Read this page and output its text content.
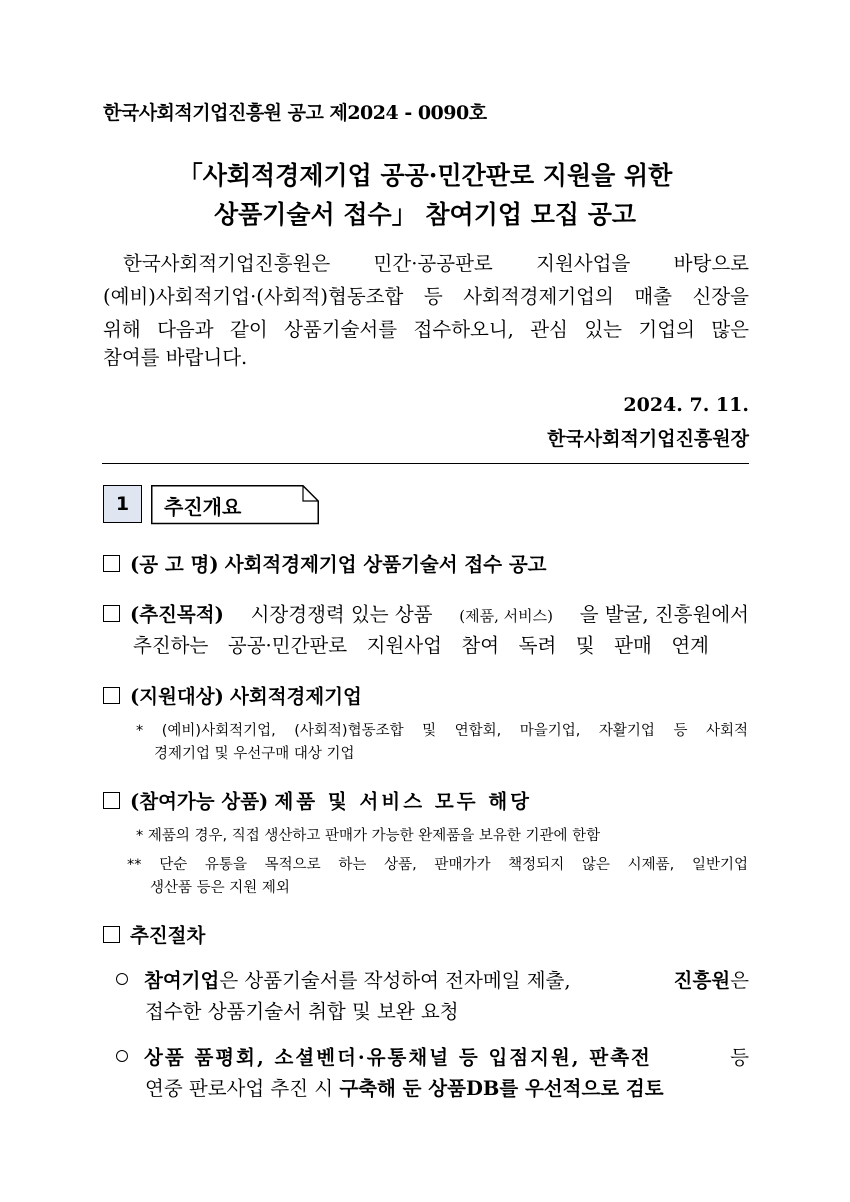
한국사회적기업진흥원 공고 제2024 - 0090호
「사회적경제기업 공공·민간판로 지원을 위한
상품기술서 접수」 참여기업 모집 공고
한국사회적기업진흥원은 민간·공공판로 지원사업을 바탕으로
(예비)사회적기업·(사회적)협동조합 등 사회적경제기업의 매출 신장을
위해 다음과 같이 상품기술서를 접수하오니, 관심 있는 기업의 많은
참여를 바랍니다.
2024. 7. 11.
한국사회적기업진흥원장
1 추진개요
(공 고 명) 사회적경제기업 상품기술서 접수 공고
(추진목적) 시장경쟁력 있는 상품 (제품, 서비스) 을 발굴, 진흥원에서
추진하는 공공·민간판로 지원사업 참여 독려 및 판매 연계
(지원대상) 사회적경제기업
* (예비)사회적기업, (사회적)협동조합 및 연합회, 마을기업, 자활기업 등 사회적
경제기업 및 우선구매 대상 기업
(참여가능 상품) 제품 및 서비스 모두 해당
* 제품의 경우, 직접 생산하고 판매가 가능한 완제품을 보유한 기관에 한함
** 단순 유통을 목적으로 하는 상품, 판매가가 책정되지 않은 시제품, 일반기업
생산품 등은 지원 제외
추진절차
참여기업은 상품기술서를 작성하여 전자메일 제출,	진흥원은
접수한 상품기술서 취합 및 보완 요청
상품 품평회, 소셜벤더·유통채널 등 입점지원, 판촉전	등
연중 판로사업 추진 시 구축해 둔 상품DB를 우선적으로 검토
